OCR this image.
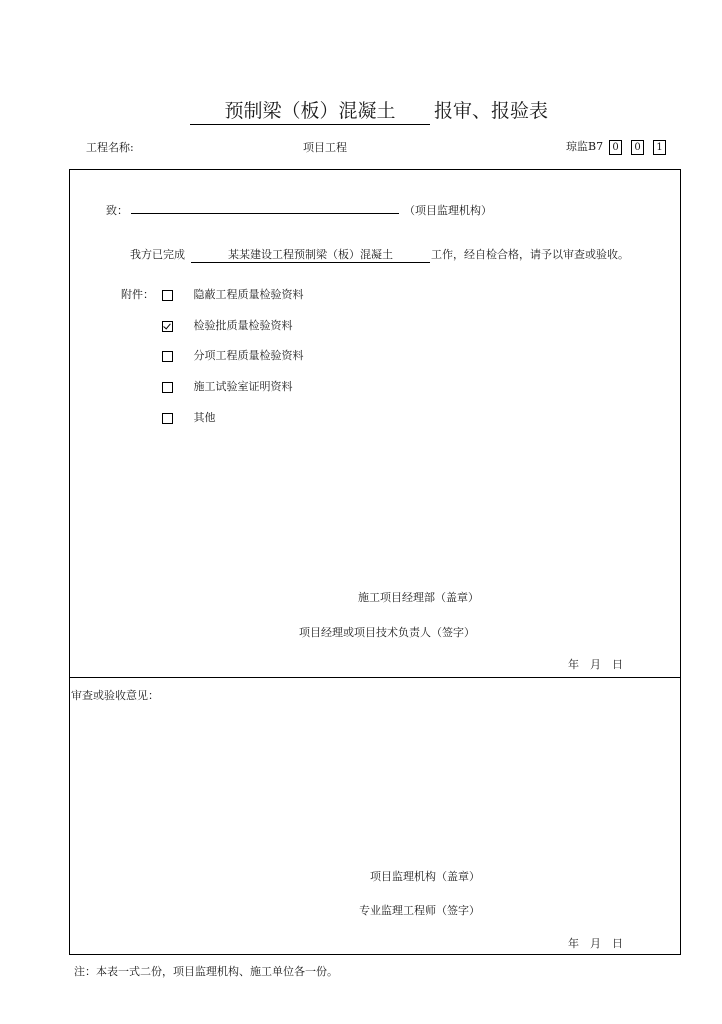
预制梁（板）混凝土 报审、报验表
工程名称:	项目工程	琼监B7 0 0 1
致：	（项目监理机构）
我方已完成	某某建设工程预制梁（板）混凝土	工作，经自检合格，请予以审查或验收。
附件：	隐蔽工程质量检验资料
检验批质量检验资料
分项工程质量检验资料
施工试验室证明资料
其他
施工项目经理部（盖章）
项目经理或项目技术负责人（签字）
年　月　日
审查或验收意见：
项目监理机构（盖章）
专业监理工程师（签字）
年　月　日
注：本表一式二份，项目监理机构、施工单位各一份。
